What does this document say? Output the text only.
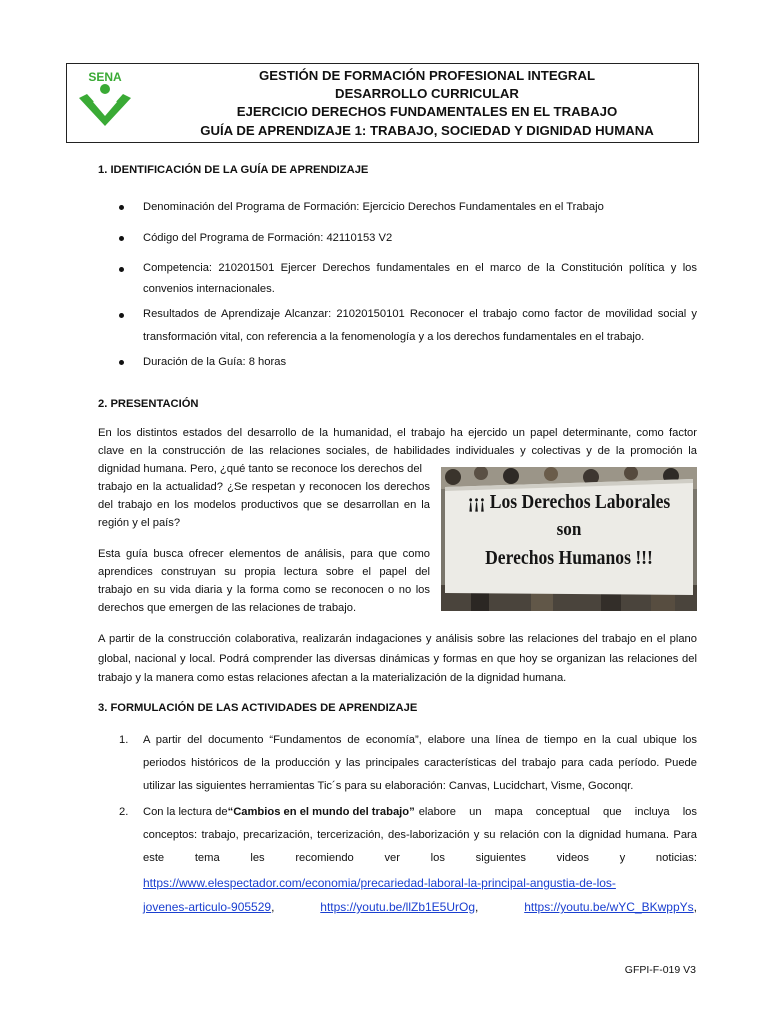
SENA	GESTIÓN DE FORMACIÓN PROFESIONAL INTEGRAL
DESARROLLO CURRICULAR
EJERCICIO DERECHOS FUNDAMENTALES EN EL TRABAJO
GUÍA DE APRENDIZAJE 1: TRABAJO, SOCIEDAD Y DIGNIDAD HUMANA
1. IDENTIFICACIÓN DE LA GUÍA DE APRENDIZAJE
Denominación del Programa de Formación: Ejercicio Derechos Fundamentales en el Trabajo
Código del Programa de Formación: 42110153 V2
Competencia: 210201501 Ejercer Derechos fundamentales en el marco de la Constitución política y los
convenios internacionales.
Resultados de Aprendizaje Alcanzar: 21020150101 Reconocer el trabajo como factor de movilidad social y
transformación vital, con referencia a la fenomenología y a los derechos fundamentales en el trabajo.
Duración de la Guía: 8 horas
2. PRESENTACIÓN
En los distintos estados del desarrollo de la humanidad, el trabajo ha ejercido un papel determinante, como factor
clave en la construcción de las relaciones sociales, de habilidades individuales y colectivas y de la promoción la
dignidad humana. Pero, ¿qué tanto se reconoce los derechos del
trabajo en la actualidad? ¿Se respetan y reconocen los derechos
del trabajo en los modelos productivos que se desarrollan en la
región y el país?
Esta guía busca ofrecer elementos de análisis, para que como
aprendices construyan su propia lectura sobre el papel del
trabajo en su vida diaria y la forma como se reconocen o no los
derechos que emergen de las relaciones de trabajo.
¡¡¡ Los Derechos Laborales
son
Derechos Humanos !!!
A partir de la construcción colaborativa, realizarán indagaciones y análisis sobre las relaciones del trabajo en el plano
global, nacional y local. Podrá comprender las diversas dinámicas y formas en que hoy se organizan las relaciones del
trabajo y la manera como estas relaciones afectan a la materialización de la dignidad humana.
3. FORMULACIÓN DE LAS ACTIVIDADES DE APRENDIZAJE
1. A partir del documento “Fundamentos de economía”, elabore una línea de tiempo en la cual ubique los
periodos históricos de la producción y las principales características del trabajo para cada período. Puede
utilizar las siguientes herramientas Tic´s para su elaboración: Canvas, Lucidchart, Visme, Goconqr.
2. Con la lectura de “Cambios en el mundo del trabajo” elabore un mapa conceptual que incluya los
conceptos: trabajo, precarización, tercerización, des-laborización y su relación con la dignidad humana. Para
este	tema	les	recomiendo	ver	los	siguientes	videos	y	noticias:
https://www.elespectador.com/economia/precariedad-laboral-la-principal-angustia-de-los-
jovenes-articulo-905529,	https://youtu.be/llZb1E5UrOg,	https://youtu.be/wYC_BKwppYs,
GFPI-F-019 V3
